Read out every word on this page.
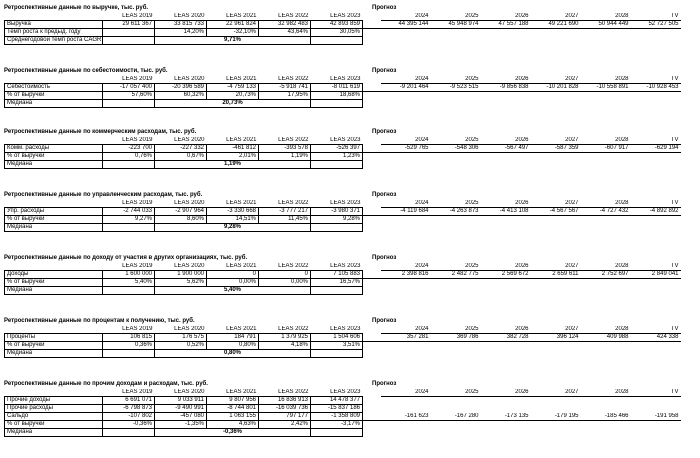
Ретроспективные данные по выручке, тыс. руб.	Прогноз
	LEAS 2019	LEAS 2020	LEAS 2021	LEAS 2022	LEAS 2023		2024	2025	2026	2027	2028	TV
Выручка	29 611 367	33 815 733	22 961 824	32 982 483	42 893 859		44 395 144	45 948 974	47 557 188	49 221 690	50 944 449	52 727 505
Темп роста к предыд. году		14,20%	-32,10%	43,64%	30,05%							
Среднегодовой темп роста CAGR		9,71%										
Ретроспективные данные по себестоимости, тыс. руб.	Прогноз
	LEAS 2019	LEAS 2020	LEAS 2021	LEAS 2022	LEAS 2023		2024	2025	2026	2027	2028	TV
Себестоимость	-17 057 400	-20 396 589	-4 759 133	-5 918 741	-8 011 619		-9 201 464	-9 523 515	-9 856 838	-10 201 828	-10 558 891	-10 928 453
% от выручки	57,60%	60,32%	20,73%	17,95%	18,68%							
Медиана		20,73%										
Ретроспективные данные по коммерческим расходам, тыс. руб.	Прогноз
	LEAS 2019	LEAS 2020	LEAS 2021	LEAS 2022	LEAS 2023		2024	2025	2026	2027	2028	TV
Комм. расходы	-223 700	-227 332	-461 812	-393 578	-526 397		-529 765	-548 306	-567 497	-587 359	-607 917	-629 194
% от выручки	0,76%	0,67%	2,01%	1,19%	1,23%							
Медиана		1,19%										
Ретроспективные данные по управленческим расходам, тыс. руб.	Прогноз
	LEAS 2019	LEAS 2020	LEAS 2021	LEAS 2022	LEAS 2023		2024	2025	2026	2027	2028	TV
Упр. расходы	-2 744 033	-2 907 964	-3 330 668	-3 777 217	-3 980 371		-4 119 684	-4 263 873	-4 413 108	-4 567 567	-4 727 432	-4 892 892
% от выручки	9,27%	8,60%	14,51%	11,45%	9,28%							
Медиана		9,28%										
Ретроспективные данные по доходу от участия в других организациях, тыс. руб.	Прогноз
	LEAS 2019	LEAS 2020	LEAS 2021	LEAS 2022	LEAS 2023		2024	2025	2026	2027	2028	TV
Доходы	1 600 000	1 900 000	0	0	7 105 883		2 398 816	2 482 775	2 569 672	2 659 611	2 752 697	2 849 041
% от выручки	5,40%	5,62%	0,00%	0,00%	16,57%							
Медиана		5,40%										
Ретроспективные данные по процентам к получению, тыс. руб.	Прогноз
	LEAS 2019	LEAS 2020	LEAS 2021	LEAS 2022	LEAS 2023		2024	2025	2026	2027	2028	TV
Проценты	106 815	176 575	184 791	1 379 925	1 504 606		357 281	369 786	382 728	396 124	409 988	424 338
% от выручки	0,36%	0,52%	0,80%	4,18%	3,51%							
Медиана		0,80%										
Ретроспективные данные по прочим доходам и расходам, тыс. руб.	Прогноз
	LEAS 2019	LEAS 2020	LEAS 2021	LEAS 2022	LEAS 2023		2024	2025	2026	2027	2028	TV
Прочие доходы	6 691 071	9 033 911	9 807 956	16 836 913	14 478 377							
Прочие расходы	-6 798 873	-9 490 991	-8 744 801	-16 039 736	-15 837 186							
Сальдо	-107 802	-457 080	1 063 155	797 177	-1 358 809		-161 623	-167 280	-173 135	-179 195	-185 466	-191 958
% от выручки	-0,36%	-1,35%	4,63%	2,42%	-3,17%							
Медиана		-0,36%										
